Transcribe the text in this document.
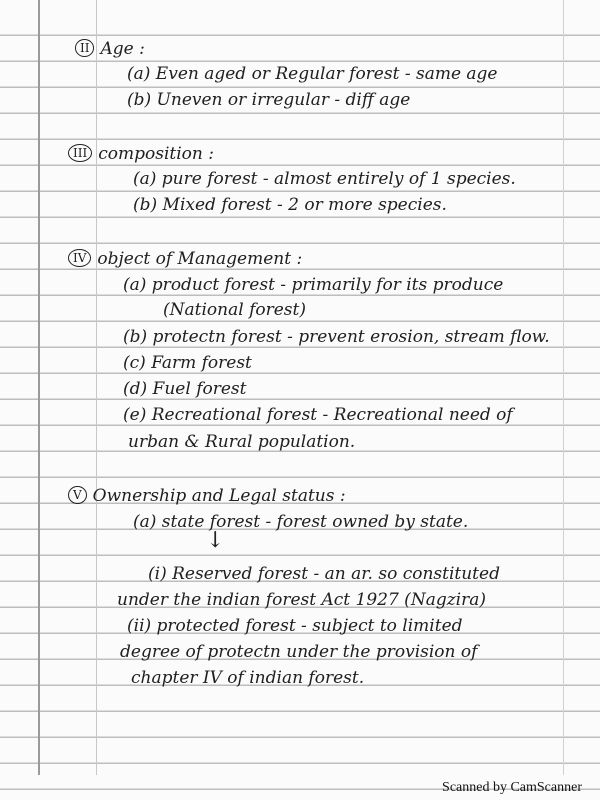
II Age :
(a) Even aged or Regular forest - same age
(b) Uneven or irregular - diff age
III composition :
(a) pure forest - almost entirely of 1 species.
(b) Mixed forest - 2 or more species.
IV object of Management :
(a) product forest - primarily for its produce
(National forest)
(b) protectn forest - prevent erosion, stream flow.
(c) Farm forest
(d) Fuel forest
(e) Recreational forest - Recreational need of
urban & Rural population.
V Ownership and Legal status :
(a) state forest - forest owned by state.
↓
(i) Reserved forest - an ar. so constituted
under the indian forest Act 1927 (Nagzira)
(ii) protected forest - subject to limited
degree of protectn under the provision of
chapter IV of indian forest.
Scanned by CamScanner
